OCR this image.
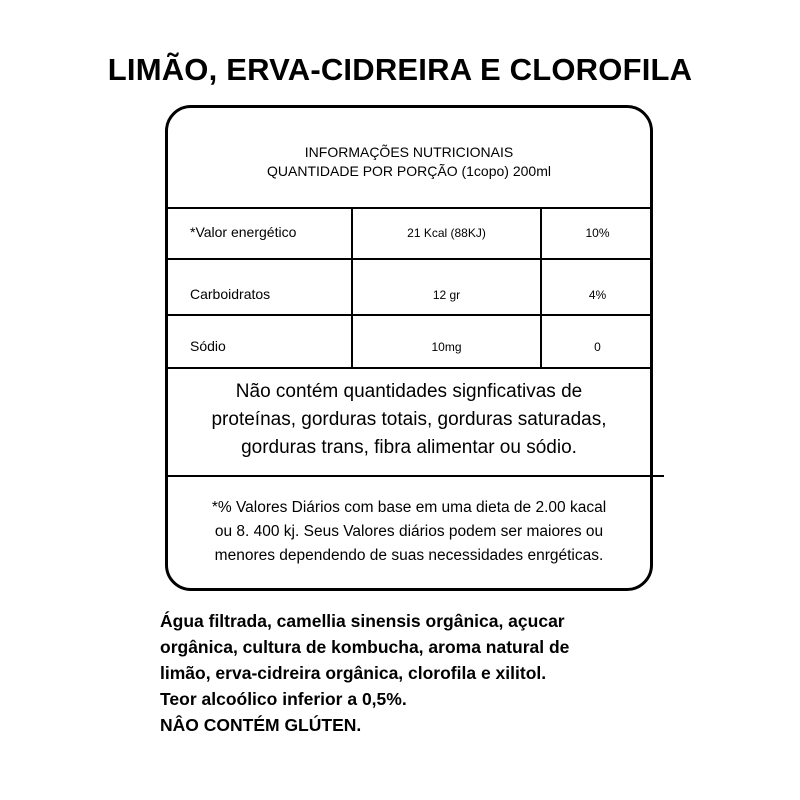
LIMÃO, ERVA-CIDREIRA E CLOROFILA
INFORMAÇÕES NUTRICIONAIS
QUANTIDADE POR PORÇÃO (1copo) 200ml
*Valor energético	21 Kcal (88KJ)	10%
Carboidratos	12 gr	4%
Sódio	10mg	0
Não contém quantidades signficativas de
proteínas, gorduras totais, gorduras saturadas,
gorduras trans, fibra alimentar ou sódio.
*% Valores Diários com base em uma dieta de 2.00 kacal
ou 8. 400 kj. Seus Valores diários podem ser maiores ou
menores dependendo de suas necessidades enrgéticas.
Água filtrada, camellia sinensis orgânica, açucar
orgânica, cultura de kombucha, aroma natural de
limão, erva-cidreira orgânica, clorofila e xilitol.
Teor alcoólico inferior a 0,5%.
NÂO CONTÉM GLÚTEN.
